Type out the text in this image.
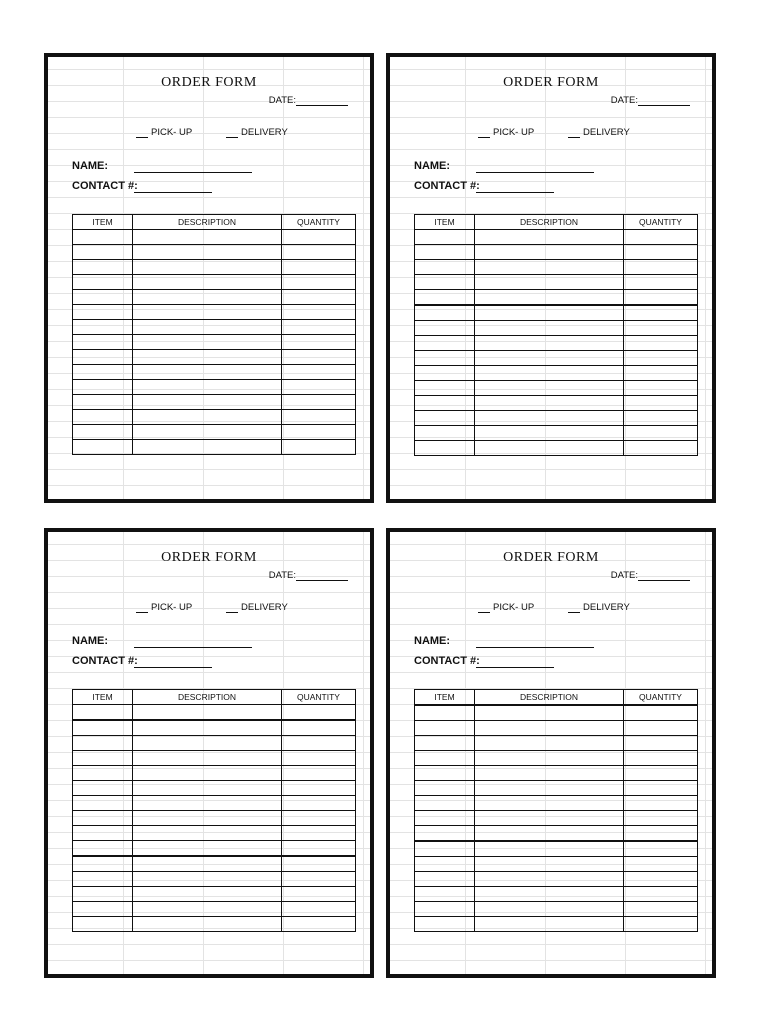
ORDER FORM
DATE:
PICK- UP	DELIVERY
NAME:
CONTACT #:
ITEM	DESCRIPTION	QUANTITY

ORDER FORM
DATE:
PICK- UP	DELIVERY
NAME:
CONTACT #:
ITEM	DESCRIPTION	QUANTITY

ORDER FORM
DATE:
PICK- UP	DELIVERY
NAME:
CONTACT #:
ITEM	DESCRIPTION	QUANTITY

ORDER FORM
DATE:
PICK- UP	DELIVERY
NAME:
CONTACT #:
ITEM	DESCRIPTION	QUANTITY
